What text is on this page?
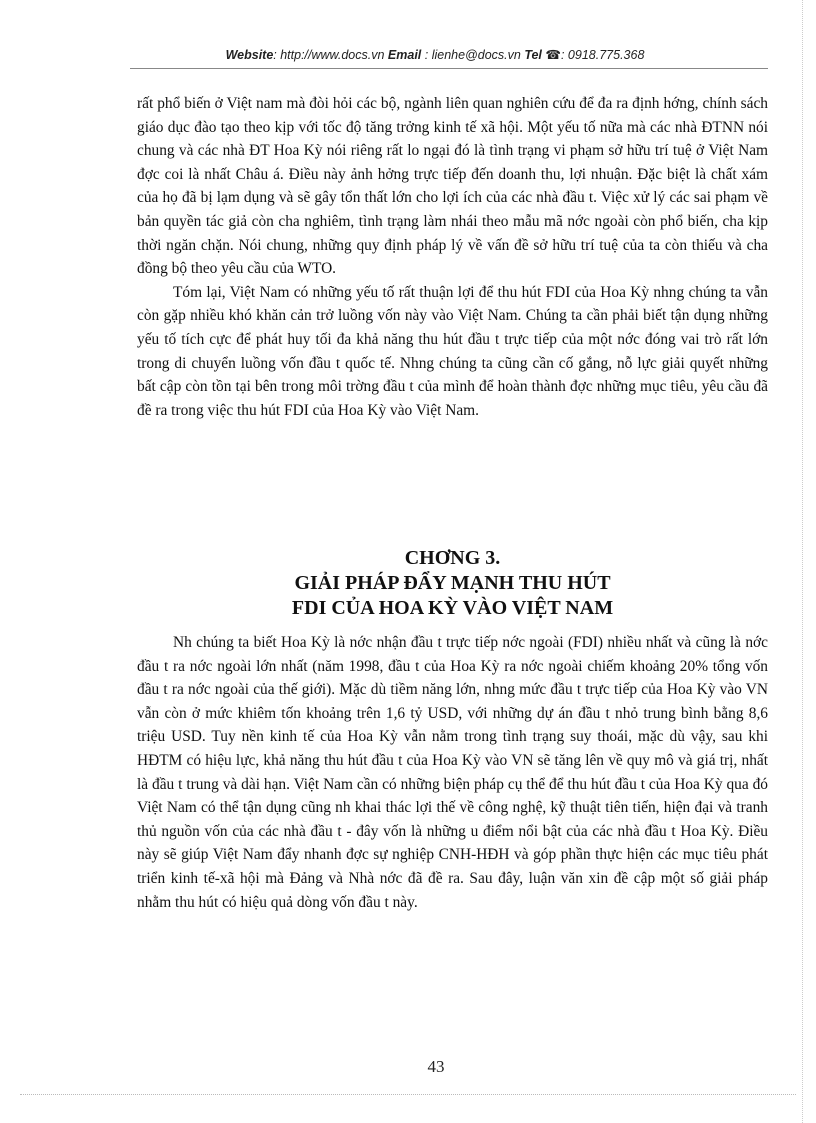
Website: http://www.docs.vn Email : lienhe@docs.vn Tel ☎: 0918.775.368

rất phổ biến ở Việt nam mà đòi hỏi các bộ, ngành liên quan nghiên cứu để đa ra định hớng, chính sách giáo dục đào tạo theo kịp với tốc độ tăng trởng kinh tế xã hội. Một yếu tố nữa mà các nhà ĐTNN nói chung và các nhà ĐT Hoa Kỳ nói riêng rất lo ngại đó là tình trạng vi phạm sở hữu trí tuệ ở Việt Nam đợc coi là nhất Châu á. Điều này ảnh hởng trực tiếp đến doanh thu, lợi nhuận. Đặc biệt là chất xám của họ đã bị lạm dụng và sẽ gây tổn thất lớn cho lợi ích của các nhà đầu t. Việc xử lý các sai phạm về bản quyền tác giả còn cha nghiêm, tình trạng làm nhái theo mẫu mã nớc ngoài còn phổ biến, cha kịp thời ngăn chặn. Nói chung, những quy định pháp lý về vấn đề sở hữu trí tuệ của ta còn thiếu và cha đồng bộ theo yêu cầu của WTO.

Tóm lại, Việt Nam có những yếu tố rất thuận lợi để thu hút FDI của Hoa Kỳ nhng chúng ta vẫn còn gặp nhiều khó khăn cản trở luồng vốn này vào Việt Nam. Chúng ta cần phải biết tận dụng những yếu tố tích cực để phát huy tối đa khả năng thu hút đầu t trực tiếp của một nớc đóng vai trò rất lớn trong di chuyển luồng vốn đầu t quốc tế. Nhng chúng ta cũng cần cố gắng, nỗ lực giải quyết những bất cập còn tồn tại bên trong môi trờng đầu t của mình để hoàn thành đợc những mục tiêu, yêu cầu đã đề ra trong việc thu hút FDI của Hoa Kỳ vào Việt Nam.

CHƠNG 3.
GIẢI PHÁP ĐẨY MẠNH THU HÚT
FDI CỦA HOA KỲ VÀO VIỆT NAM

Nh chúng ta biết Hoa Kỳ là nớc nhận đầu t trực tiếp nớc ngoài (FDI) nhiều nhất và cũng là nớc đầu t ra nớc ngoài lớn nhất (năm 1998, đầu t của Hoa Kỳ ra nớc ngoài chiếm khoảng 20% tổng vốn đầu t ra nớc ngoài của thế giới). Mặc dù tiềm năng lớn, nhng mức đầu t trực tiếp của Hoa Kỳ vào VN vẫn còn ở mức khiêm tốn khoảng trên 1,6 tỷ USD, với những dự án đầu t nhỏ trung bình bằng 8,6 triệu USD. Tuy nền kinh tế của Hoa Kỳ vẫn nằm trong tình trạng suy thoái, mặc dù vậy, sau khi HĐTM có hiệu lực, khả năng thu hút đầu t của Hoa Kỳ vào VN sẽ tăng lên về quy mô và giá trị, nhất là đầu t trung và dài hạn. Việt Nam cần có những biện pháp cụ thể để thu hút đầu t của Hoa Kỳ qua đó Việt Nam có thể tận dụng cũng nh khai thác lợi thế về công nghệ, kỹ thuật tiên tiến, hiện đại và tranh thủ nguồn vốn của các nhà đầu t - đây vốn là những u điểm nổi bật của các nhà đầu t Hoa Kỳ. Điều này sẽ giúp Việt Nam đẩy nhanh đợc sự nghiệp CNH-HĐH và góp phần thực hiện các mục tiêu phát triển kinh tế-xã hội mà Đảng và Nhà nớc đã đề ra. Sau đây, luận văn xin đề cập một số giải pháp nhằm thu hút có hiệu quả dòng vốn đầu t này.

43
